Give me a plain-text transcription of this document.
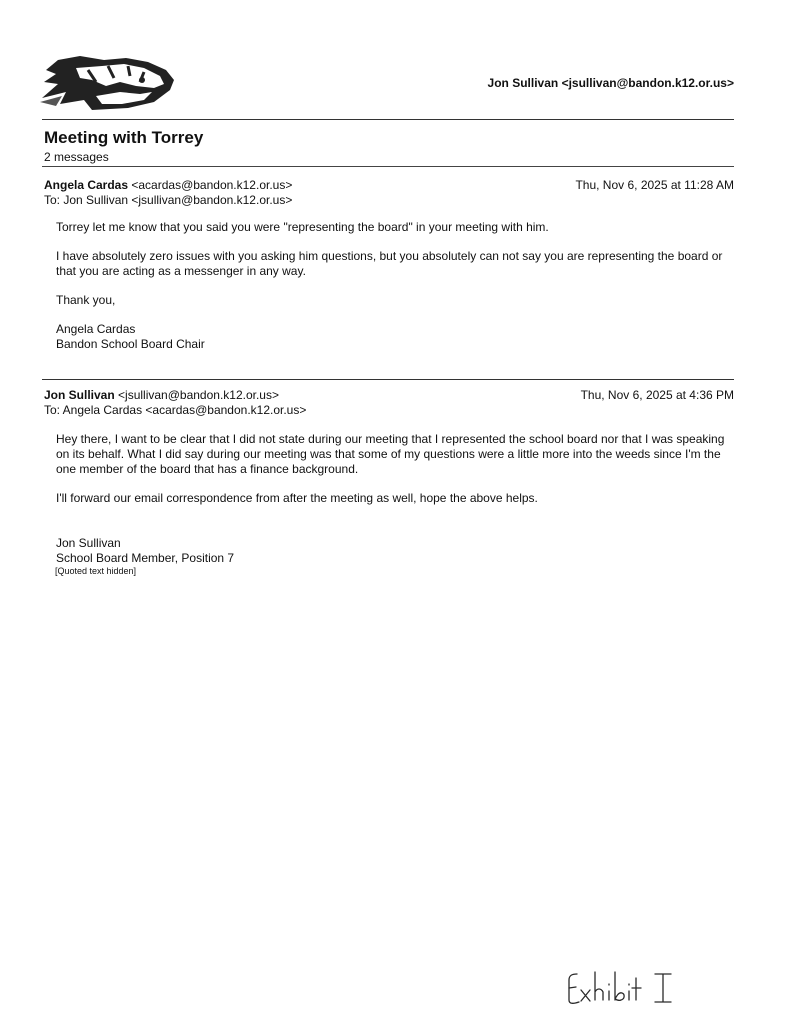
Jon Sullivan <jsullivan@bandon.k12.or.us>
Meeting with Torrey
2 messages
Angela Cardas <acardas@bandon.k12.or.us>	Thu, Nov 6, 2025 at 11:28 AM
To: Jon Sullivan <jsullivan@bandon.k12.or.us>

Torrey let me know that you said you were "representing the board" in your meeting with him.

I have absolutely zero issues with you asking him questions, but you absolutely can not say you are representing the board or that you are acting as a messenger in any way.

Thank you,

Angela Cardas

Bandon School Board Chair

Jon Sullivan <jsullivan@bandon.k12.or.us>	Thu, Nov 6, 2025 at 4:36 PM
To: Angela Cardas <acardas@bandon.k12.or.us>

Hey there, I want to be clear that I did not state during our meeting that I represented the school board nor that I was speaking on its behalf. What I did say during our meeting was that some of my questions were a little more into the weeds since I'm the one member of the board that has a finance background.

I'll forward our email correspondence from after the meeting as well, hope the above helps.

Jon Sullivan

School Board Member, Position 7

[Quoted text hidden]
